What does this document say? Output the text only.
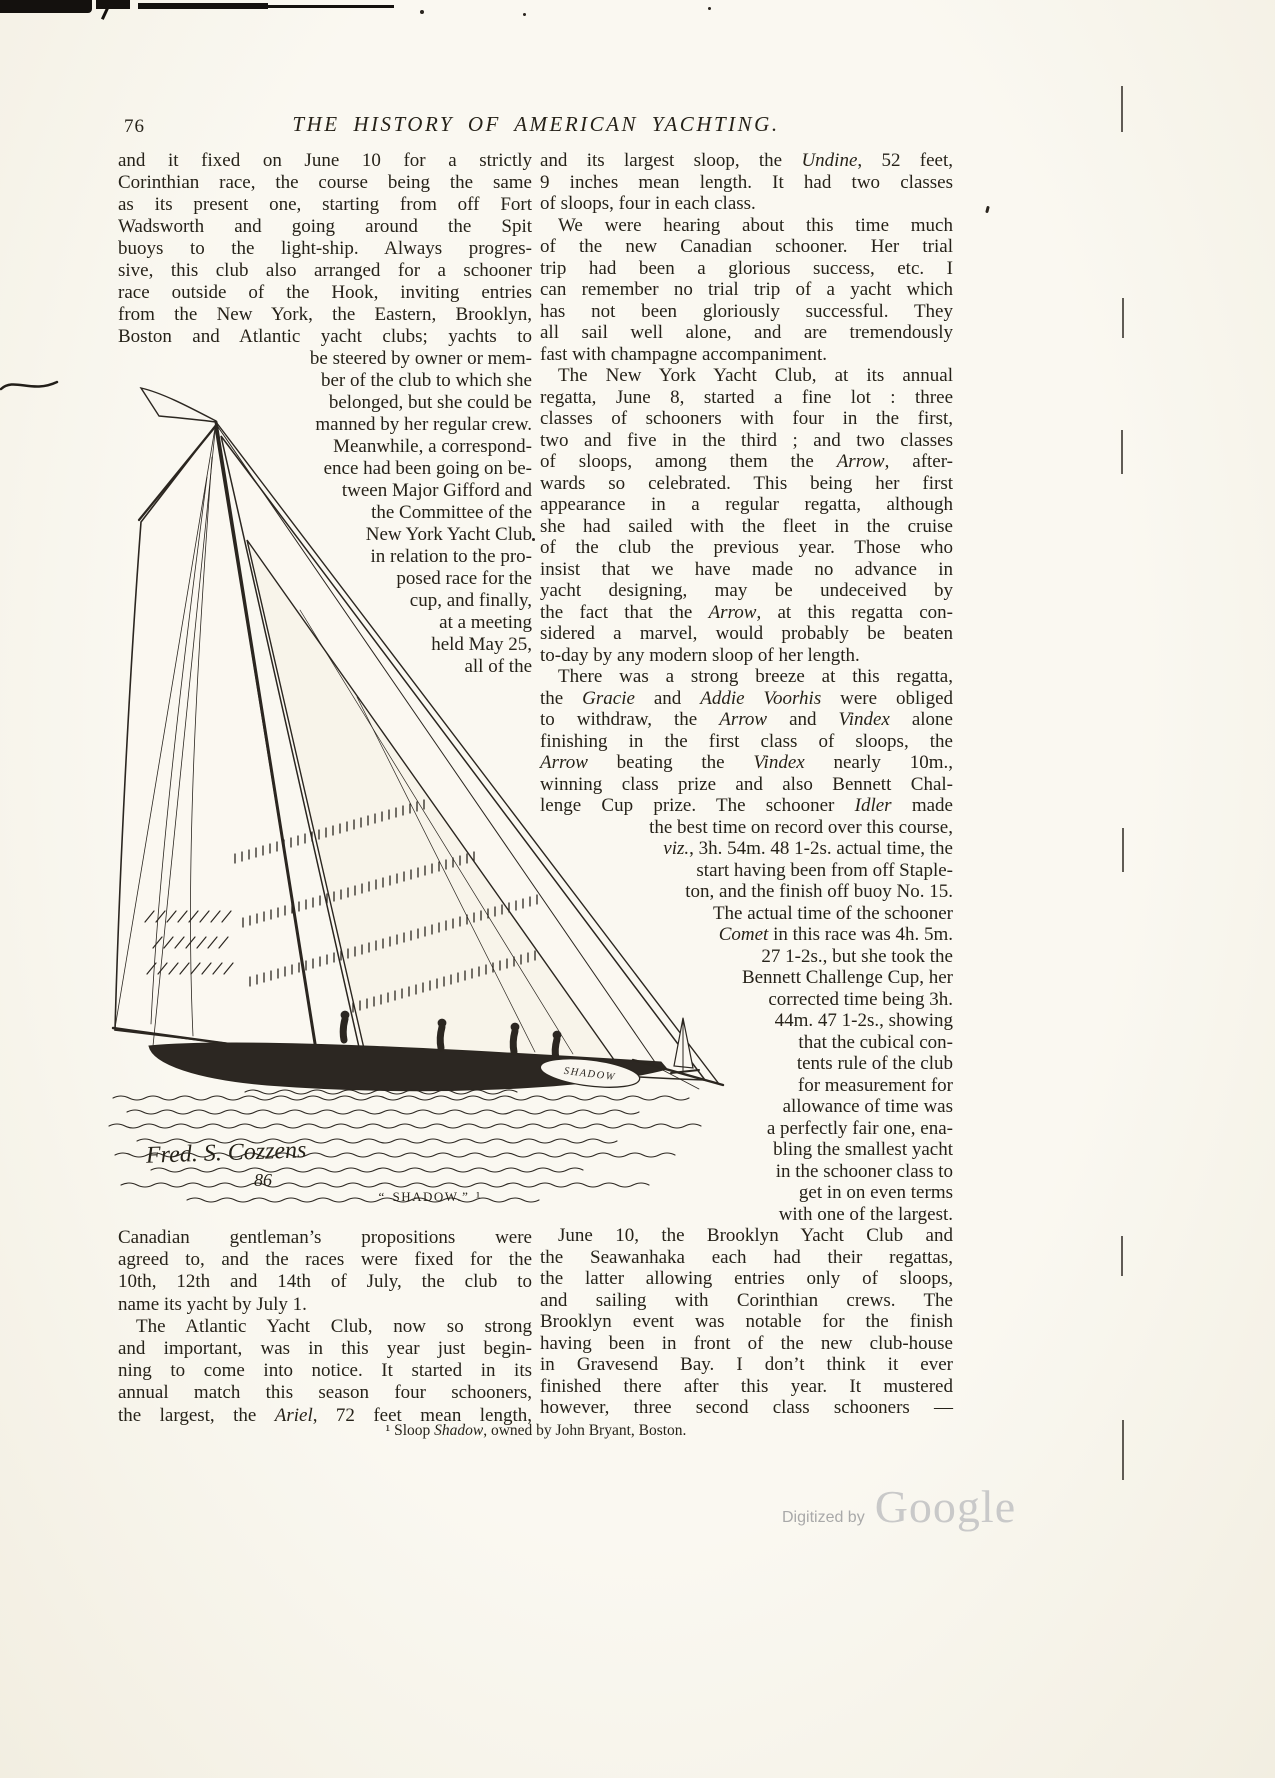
76	THE HISTORY OF AMERICAN YACHTING.
SHADOW
and it fixed on June 10 for a strictly
Corinthian race, the course being the same
as its present one, starting from off Fort
Wadsworth and going around the Spit
buoys to the light-ship. Always progres-
sive, this club also arranged for a schooner
race outside of the Hook, inviting entries
from the New York, the Eastern, Brooklyn,
Boston and Atlantic yacht clubs; yachts to
be steered by owner or mem-
ber of the club to which she
belonged, but she could be
manned by her regular crew.
Meanwhile, a correspond-
ence had been going on be-
tween Major Gifford and
the Committee of the
New York Yacht Club
in relation to the pro-
posed race for the
cup, and finally,
at a meeting
held May 25,
all of the
Fred. S. Cozzens
86
“ SHADOW.” ¹
Canadian gentleman’s propositions were
agreed to, and the races were fixed for the
10th, 12th and 14th of July, the club to
name its yacht by July 1.
The Atlantic Yacht Club, now so strong
and important, was in this year just begin-
ning to come into notice. It started in its
annual match this season four schooners,
the largest, the Ariel, 72 feet mean length,
and its largest sloop, the Undine, 52 feet,
9 inches mean length. It had two classes
of sloops, four in each class.
We were hearing about this time much
of the new Canadian schooner. Her trial
trip had been a glorious success, etc. I
can remember no trial trip of a yacht which
has not been gloriously successful. They
all sail well alone, and are tremendously
fast with champagne accompaniment.
The New York Yacht Club, at its annual
regatta, June 8, started a fine lot : three
classes of schooners with four in the first,
two and five in the third ; and two classes
of sloops, among them the Arrow, after-
wards so celebrated. This being her first
appearance in a regular regatta, although
she had sailed with the fleet in the cruise
of the club the previous year. Those who
insist that we have made no advance in
yacht designing, may be undeceived by
the fact that the Arrow, at this regatta con-
sidered a marvel, would probably be beaten
to-day by any modern sloop of her length.
There was a strong breeze at this regatta,
the Gracie and Addie Voorhis were obliged
to withdraw, the Arrow and Vindex alone
finishing in the first class of sloops, the
Arrow beating the Vindex nearly 10m.,
winning class prize and also Bennett Chal-
lenge Cup prize. The schooner Idler made
the best time on record over this course,
viz., 3h. 54m. 48 1-2s. actual time, the
start having been from off Staple-
ton, and the finish off buoy No. 15.
The actual time of the schooner
Comet in this race was 4h. 5m.
27 1-2s., but she took the
Bennett Challenge Cup, her
corrected time being 3h.
44m. 47 1-2s., showing
that the cubical con-
tents rule of the club
for measurement for
allowance of time was
a perfectly fair one, ena-
bling the smallest yacht
in the schooner class to
get in on even terms
with one of the largest.
June 10, the Brooklyn Yacht Club and
the Seawanhaka each had their regattas,
the latter allowing entries only of sloops,
and sailing with Corinthian crews. The
Brooklyn event was notable for the finish
having been in front of the new club-house
in Gravesend Bay. I don’t think it ever
finished there after this year. It mustered
however, three second class schooners —
¹ Sloop Shadow, owned by John Bryant, Boston.
Digitized by Google
